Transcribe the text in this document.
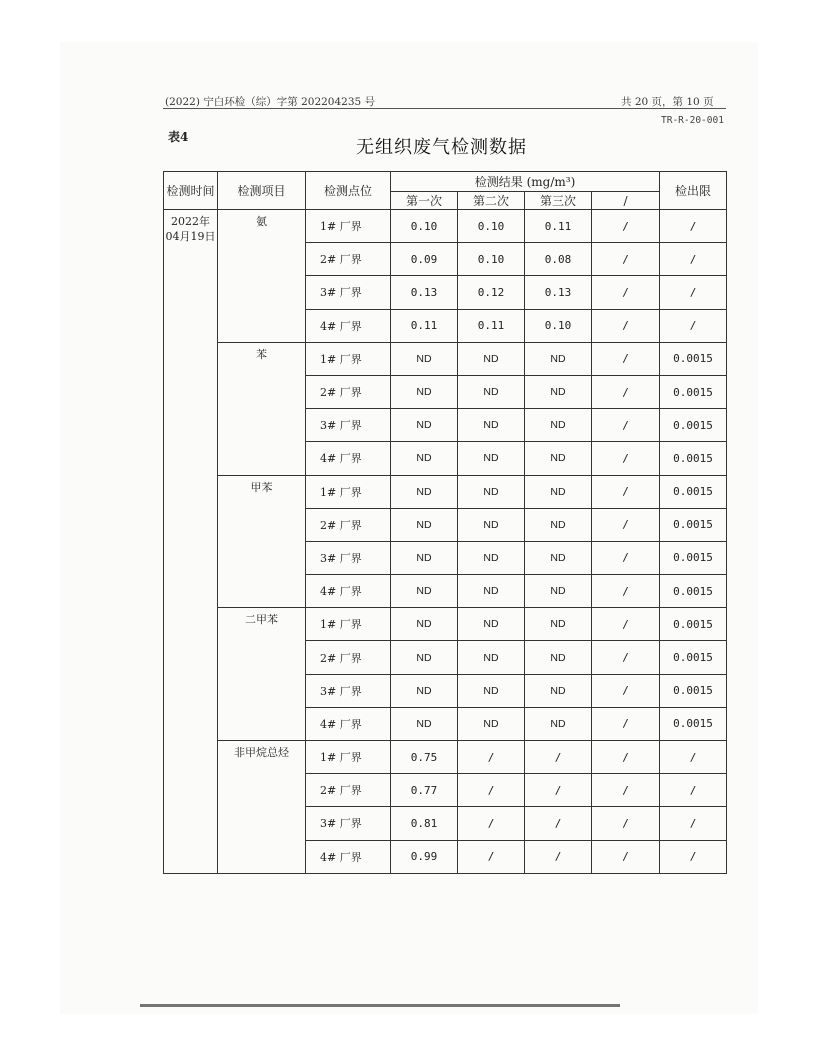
(2022) 宁白环检（综）字第 202204235 号	共 20 页，第 10 页
TR-R-20-001
表4	无组织废气检测数据
检测时间	检测项目	检测点位	检测结果 (mg/m³)				检出限
			第一次	第二次	第三次	/	
2022年
04月19日	氨	1# 厂界	0.10	0.10	0.11	/	/
		2# 厂界	0.09	0.10	0.08	/	/
		3# 厂界	0.13	0.12	0.13	/	/
		4# 厂界	0.11	0.11	0.10	/	/
	苯	1# 厂界	ND	ND	ND	/	0.0015
		2# 厂界	ND	ND	ND	/	0.0015
		3# 厂界	ND	ND	ND	/	0.0015
		4# 厂界	ND	ND	ND	/	0.0015
	甲苯	1# 厂界	ND	ND	ND	/	0.0015
		2# 厂界	ND	ND	ND	/	0.0015
		3# 厂界	ND	ND	ND	/	0.0015
		4# 厂界	ND	ND	ND	/	0.0015
	二甲苯	1# 厂界	ND	ND	ND	/	0.0015
		2# 厂界	ND	ND	ND	/	0.0015
		3# 厂界	ND	ND	ND	/	0.0015
		4# 厂界	ND	ND	ND	/	0.0015
	非甲烷总烃	1# 厂界	0.75	/	/	/	/
		2# 厂界	0.77	/	/	/	/
		3# 厂界	0.81	/	/	/	/
		4# 厂界	0.99	/	/	/	/
